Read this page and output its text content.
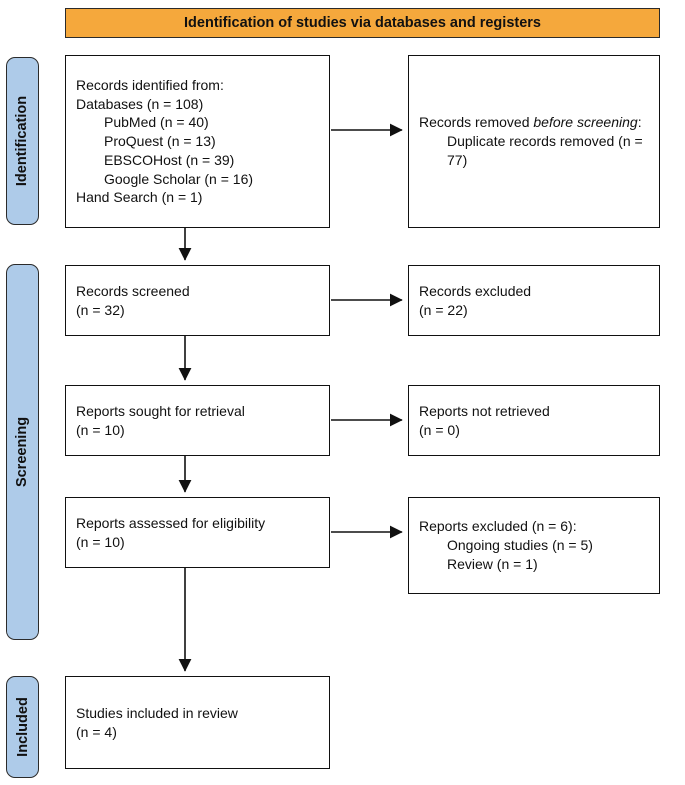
Identification of studies via databases and registers
Identification
Screening
Included
Records identified from:
Databases (n = 108)
PubMed (n = 40)
ProQuest (n = 13)
EBSCOHost (n = 39)
Google Scholar (n = 16)
Hand Search (n = 1)
Records removed before screening:
Duplicate records removed (n = 77)
Records screened
(n = 32)
Records excluded
(n = 22)
Reports sought for retrieval
(n = 10)
Reports not retrieved
(n = 0)
Reports assessed for eligibility
(n = 10)
Reports excluded (n = 6):
Ongoing studies (n = 5)
Review (n = 1)
Studies included in review
(n = 4)
